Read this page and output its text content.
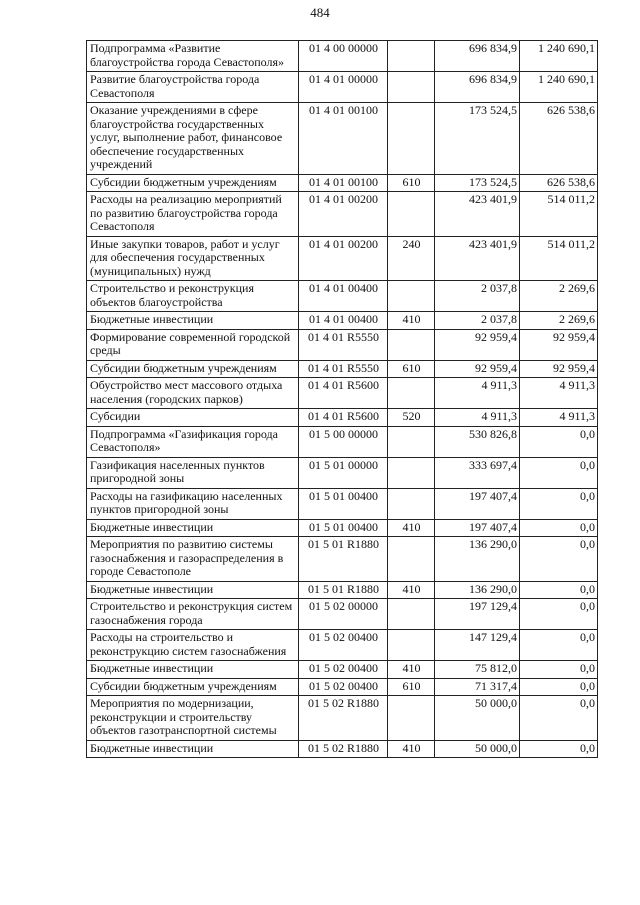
484
Подпрограмма «Развитие благоустройства города Севастополя»	01 4 00 00000		696 834,9	1 240 690,1
Развитие благоустройства города Севастополя	01 4 01 00000		696 834,9	1 240 690,1
Оказание учреждениями в сфере благоустройства государственных услуг, выполнение работ, финансовое обеспечение государственных учреждений	01 4 01 00100		173 524,5	626 538,6
Субсидии бюджетным учреждениям	01 4 01 00100	610	173 524,5	626 538,6
Расходы на реализацию мероприятий по развитию благоустройства города Севастополя	01 4 01 00200		423 401,9	514 011,2
Иные закупки товаров, работ и услуг для обеспечения государственных (муниципальных) нужд	01 4 01 00200	240	423 401,9	514 011,2
Строительство и реконструкция объектов благоустройства	01 4 01 00400		2 037,8	2 269,6
Бюджетные инвестиции	01 4 01 00400	410	2 037,8	2 269,6
Формирование современной городской среды	01 4 01 R5550		92 959,4	92 959,4
Субсидии бюджетным учреждениям	01 4 01 R5550	610	92 959,4	92 959,4
Обустройство мест массового отдыха населения (городских парков)	01 4 01 R5600		4 911,3	4 911,3
Субсидии	01 4 01 R5600	520	4 911,3	4 911,3
Подпрограмма «Газификация города Севастополя»	01 5 00 00000		530 826,8	0,0
Газификация населенных пунктов пригородной зоны	01 5 01 00000		333 697,4	0,0
Расходы на газификацию населенных пунктов пригородной зоны	01 5 01 00400		197 407,4	0,0
Бюджетные инвестиции	01 5 01 00400	410	197 407,4	0,0
Мероприятия по развитию системы газоснабжения и газораспределения в городе Севастополе	01 5 01 R1880		136 290,0	0,0
Бюджетные инвестиции	01 5 01 R1880	410	136 290,0	0,0
Строительство и реконструкция систем газоснабжения города	01 5 02 00000		197 129,4	0,0
Расходы на строительство и реконструкцию систем газоснабжения	01 5 02 00400		147 129,4	0,0
Бюджетные инвестиции	01 5 02 00400	410	75 812,0	0,0
Субсидии бюджетным учреждениям	01 5 02 00400	610	71 317,4	0,0
Мероприятия по модернизации, реконструкции и строительству объектов газотранспортной системы	01 5 02 R1880		50 000,0	0,0
Бюджетные инвестиции	01 5 02 R1880	410	50 000,0	0,0
